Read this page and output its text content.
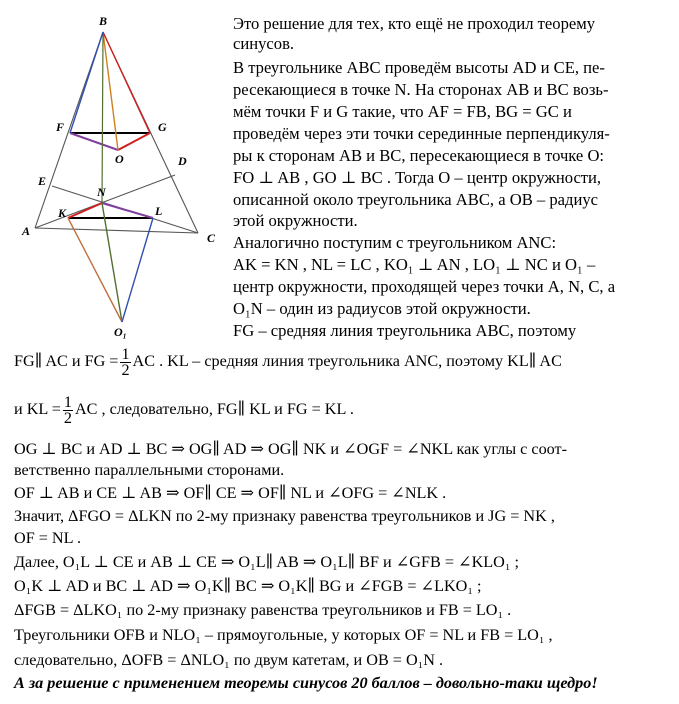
B
F	G
O	D
E
N
K	L
A	C
O₁

Это решение для тех, кто ещё не проходил теорему

синусов.

В треугольнике ABC проведём высоты AD и CE, пе-

ресекающиеся в точке N. На сторонах AB и BC возь-

мём точки F и G такие, что AF = FB, BG = GC и

проведём через эти точки серединные перпендикуля-

ры к сторонам AB и BC, пересекающиеся в точке O:

FO ⊥ AB , GO ⊥ BC . Тогда O – центр окружности,

описанной около треугольника ABC, а OB – радиус

этой окружности.

Аналогично поступим с треугольником ANC:

AK = KN , NL = LC , KO₁ ⊥ AN , LO₁ ⊥ NC и O₁ –

центр окружности, проходящей через точки A, N, C, а

O₁N – один из радиусов этой окружности.

FG – средняя линия треугольника ABC, поэтому

FG∥ AC и FG = $\frac{1}{2}$ AC . KL – средняя линия треугольника ANC, поэтому KL∥ AC

и KL = $\frac{1}{2}$ AC , следовательно, FG∥ KL и FG = KL .

OG ⊥ BC и AD ⊥ BC ⇒ OG∥ AD ⇒ OG∥ NK и ∠OGF = ∠NKL как углы с соот-

ветственно параллельными сторонами.

OF ⊥ AB и CE ⊥ AB ⇒ OF∥ CE ⇒ OF∥ NL и ∠OFG = ∠NLK .

Значит, ΔFGO = ΔLKN по 2-му признаку равенства треугольников и JG = NK ,

OF = NL .

Далее, O₁L ⊥ CE и AB ⊥ CE ⇒ O₁L∥ AB ⇒ O₁L∥ BF и ∠GFB = ∠KLO₁ ;

O₁K ⊥ AD и BC ⊥ AD ⇒ O₁K∥ BC ⇒ O₁K∥ BG и ∠FGB = ∠LKO₁ ;

ΔFGB = ΔLKO₁ по 2-му признаку равенства треугольников и FB = LO₁ .

Треугольники OFB и NLO₁ – прямоугольные, у которых OF = NL и FB = LO₁ ,

следовательно, ΔOFB = ΔNLO₁ по двум катетам, и OB = O₁N .

А за решение с применением теоремы синусов 20 баллов – довольно-таки щедро!
